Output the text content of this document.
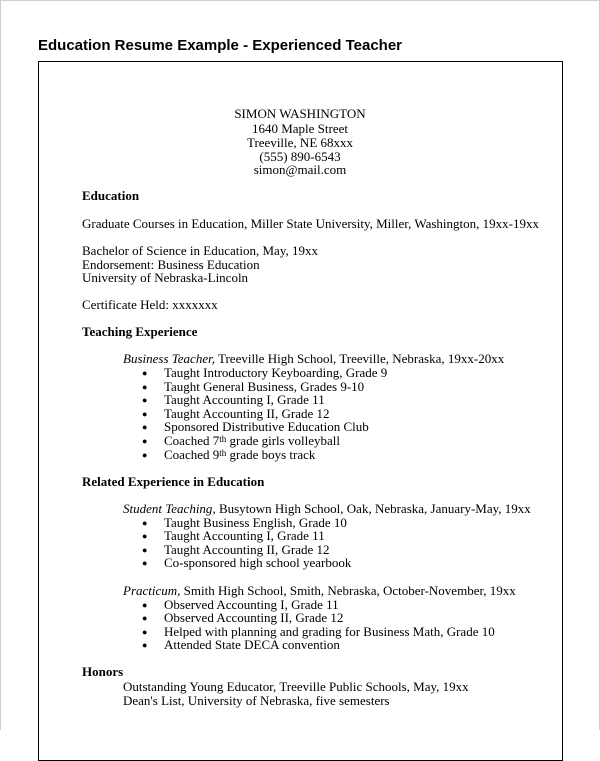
Education Resume Example - Experienced Teacher
SIMON WASHINGTON
1640 Maple Street
Treeville, NE 68xxx
(555) 890-6543
simon@mail.com
Education
Graduate Courses in Education, Miller State University, Miller, Washington, 19xx-19xx
Bachelor of Science in Education, May, 19xx
Endorsement: Business Education
University of Nebraska-Lincoln
Certificate Held: xxxxxxx
Teaching Experience
Business Teacher, Treeville High School, Treeville, Nebraska, 19xx-20xx
● Taught Introductory Keyboarding, Grade 9
● Taught General Business, Grades 9-10
● Taught Accounting I, Grade 11
● Taught Accounting II, Grade 12
● Sponsored Distributive Education Club
● Coached 7th grade girls volleyball
● Coached 9th grade boys track
Related Experience in Education
Student Teaching, Busytown High School, Oak, Nebraska, January-May, 19xx
● Taught Business English, Grade 10
● Taught Accounting I, Grade 11
● Taught Accounting II, Grade 12
● Co-sponsored high school yearbook
Practicum, Smith High School, Smith, Nebraska, October-November, 19xx
● Observed Accounting I, Grade 11
● Observed Accounting II, Grade 12
● Helped with planning and grading for Business Math, Grade 10
● Attended State DECA convention
Honors
Outstanding Young Educator, Treeville Public Schools, May, 19xx
Dean's List, University of Nebraska, five semesters
